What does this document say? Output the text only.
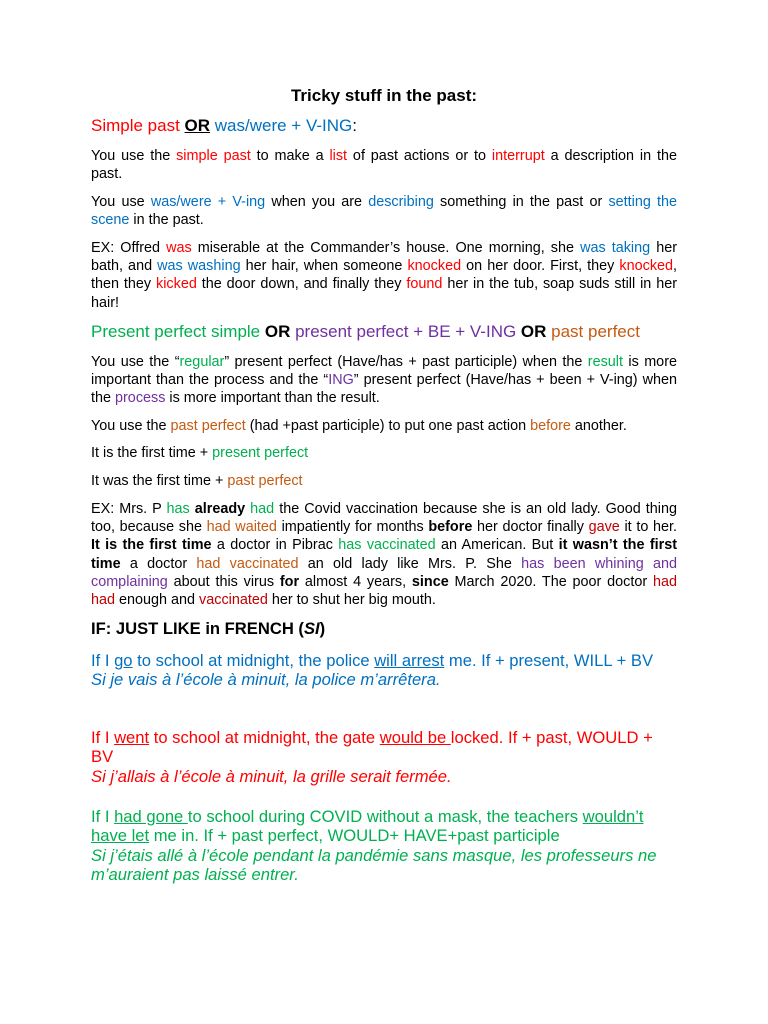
Tricky stuff in the past:
Simple past OR was/were + V-ING:
You use the simple past to make a list of past actions or to interrupt a description in the past.
You use was/were + V-ing when you are describing something in the past or setting the scene in the past.
EX: Offred was miserable at the Commander’s house. One morning, she was taking her bath, and was washing her hair, when someone knocked on her door. First, they knocked, then they kicked the door down, and finally they found her in the tub, soap suds still in her hair!
Present perfect simple OR present perfect + BE + V-ING OR past perfect
You use the “regular” present perfect (Have/has + past participle) when the result is more important than the process and the “ING” present perfect (Have/has + been + V-ing) when the process is more important than the result.
You use the past perfect (had +past participle) to put one past action before another.
It is the first time + present perfect
It was the first time + past perfect
EX: Mrs. P has already had the Covid vaccination because she is an old lady. Good thing too, because she had waited impatiently for months before her doctor finally gave it to her. It is the first time a doctor in Pibrac has vaccinated an American. But it wasn’t the first time a doctor had vaccinated an old lady like Mrs. P. She has been whining and complaining about this virus for almost 4 years, since March 2020. The poor doctor had had enough and vaccinated her to shut her big mouth.
IF: JUST LIKE in FRENCH (SI)
If I go to school at midnight, the police will arrest me. If + present, WILL + BV
Si je vais à l’école à minuit, la police m’arrêtera.
If I went to school at midnight, the gate would be locked. If + past, WOULD + BV
Si j’allais à l’école à minuit, la grille serait fermée.
If I had gone to school during COVID without a mask, the teachers wouldn’t have let me in. If + past perfect, WOULD+ HAVE+past participle
Si j’étais allé à l’école pendant la pandémie sans masque, les professeurs ne m’auraient pas laissé entrer.
